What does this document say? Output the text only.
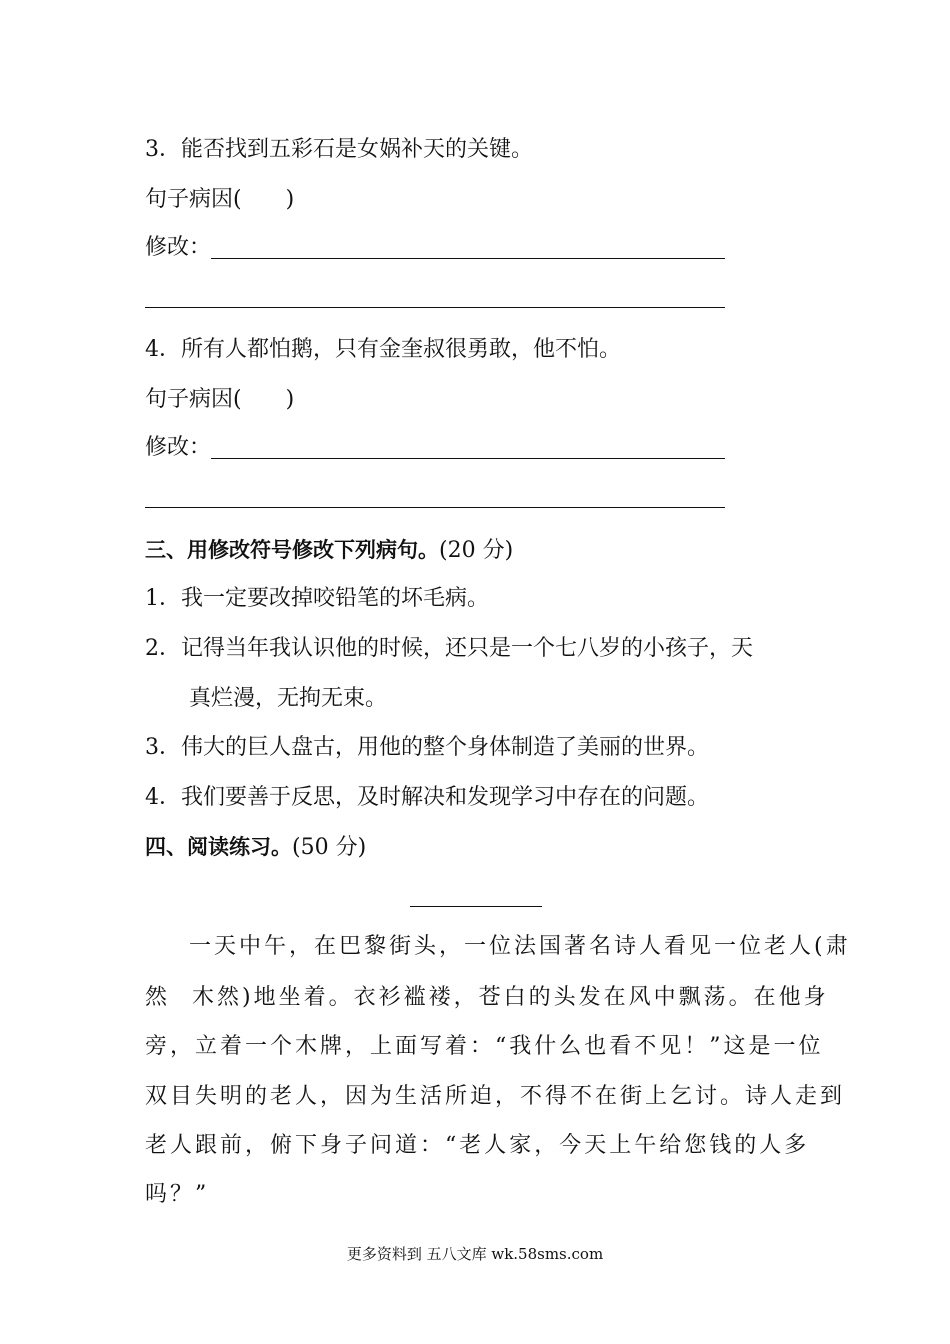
3．能否找到五彩石是女娲补天的关键。
句子病因( )
修改：
4．所有人都怕鹅，只有金奎叔很勇敢，他不怕。
句子病因( )
修改：
三、用修改符号修改下列病句。(20 分)
1．我一定要改掉咬铅笔的坏毛病。
2．记得当年我认识他的时候，还只是一个七八岁的小孩子，天
真烂漫，无拘无束。
3．伟大的巨人盘古，用他的整个身体制造了美丽的世界。
4．我们要善于反思，及时解决和发现学习中存在的问题。
四、阅读练习。(50 分)
一天中午，在巴黎街头，一位法国著名诗人看见一位老人(肃
然 木然)地坐着。衣衫褴褛，苍白的头发在风中飘荡。在他身
旁，立着一个木牌，上面写着：“我什么也看不见！”这是一位
双目失明的老人，因为生活所迫，不得不在街上乞讨。诗人走到
老人跟前，俯下身子问道：“老人家，今天上午给您钱的人多
吗？”
更多资料到 五八文库 wk.58sms.com
